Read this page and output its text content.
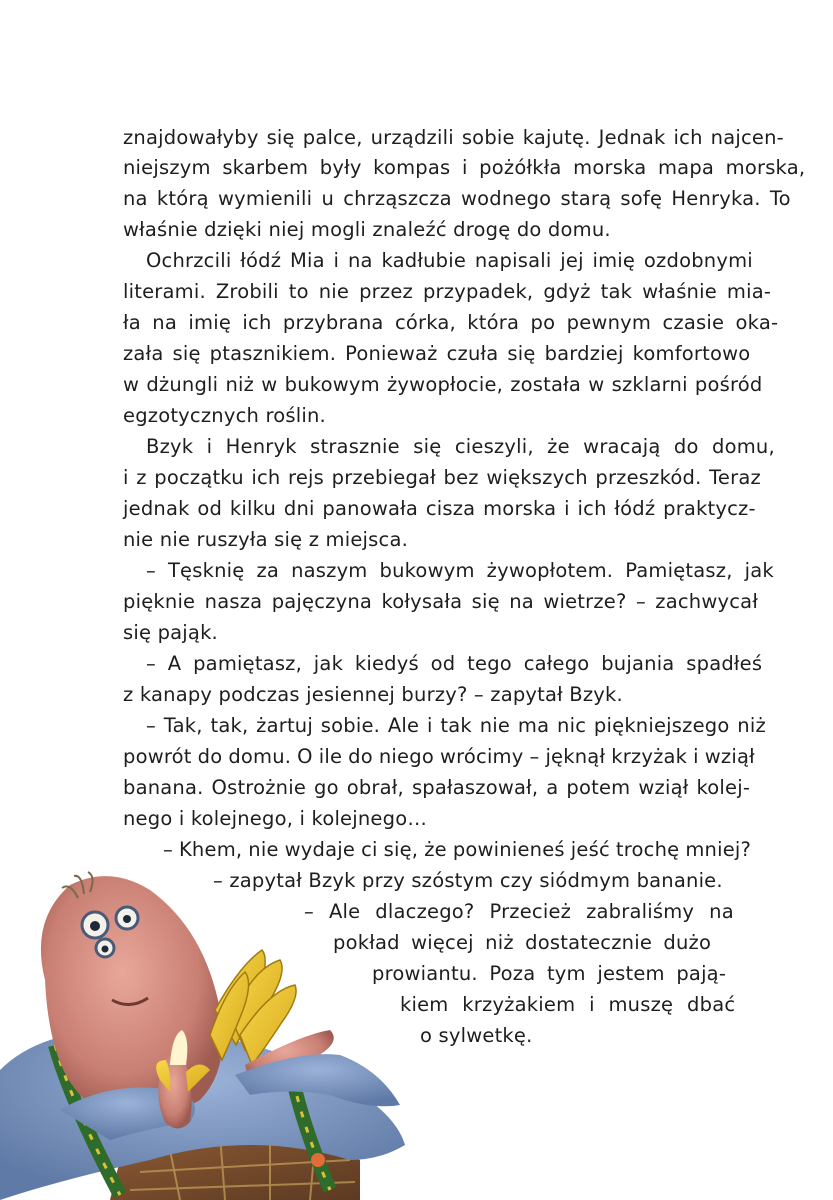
znajdowałyby się palce, urządzili sobie kajutę. Jednak ich najcen-
niejszym skarbem były kompas i pożółkła morska mapa morska,
na którą wymienili u chrząszcza wodnego starą sofę Henryka. To
właśnie dzięki niej mogli znaleźć drogę do domu.
Ochrzcili łódź Mia i na kadłubie napisali jej imię ozdobnymi
literami. Zrobili to nie przez przypadek, gdyż tak właśnie mia-
ła na imię ich przybrana córka, która po pewnym czasie oka-
zała się ptasznikiem. Ponieważ czuła się bardziej komfortowo
w dżungli niż w bukowym żywopłocie, została w szklarni pośród
egzotycznych roślin.
Bzyk i Henryk strasznie się cieszyli, że wracają do domu,
i z początku ich rejs przebiegał bez większych przeszkód. Teraz
jednak od kilku dni panowała cisza morska i ich łódź praktycz-
nie nie ruszyła się z miejsca.
– Tęsknię za naszym bukowym żywopłotem. Pamiętasz, jak
pięknie nasza pajęczyna kołysała się na wietrze? – zachwycał
się pająk.
– A pamiętasz, jak kiedyś od tego całego bujania spadłeś
z kanapy podczas jesiennej burzy? – zapytał Bzyk.
– Tak, tak, żartuj sobie. Ale i tak nie ma nic piękniejszego niż
powrót do domu. O ile do niego wrócimy – jęknął krzyżak i wziął
banana. Ostrożnie go obrał, spałaszował, a potem wziął kolej-
nego i kolejnego, i kolejnego…
– Khem, nie wydaje ci się, że powinieneś jeść trochę mniej?
– zapytał Bzyk przy szóstym czy siódmym bananie.
– Ale dlaczego? Przecież zabraliśmy na
pokład więcej niż dostatecznie dużo
prowiantu. Poza tym jestem pają-
kiem krzyżakiem i muszę dbać
o sylwetkę.
